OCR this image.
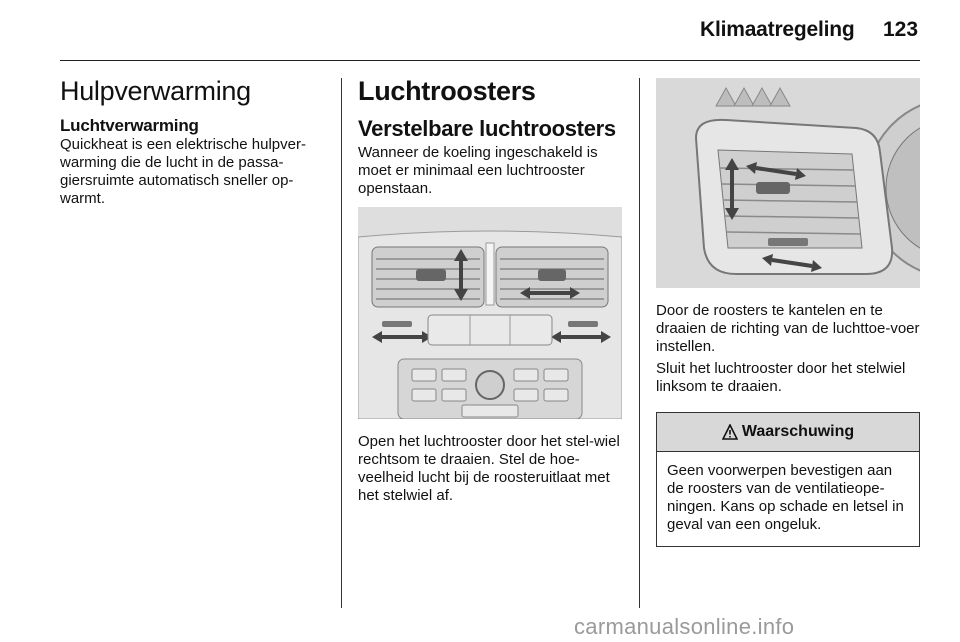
Klimaatregeling 123
Hulpverwarming
Luchtverwarming

Quickheat is een elektrische hulpver-warming die de lucht in de passa-giersruimte automatisch sneller op-warmt.

Luchtroosters
Verstelbare luchtroosters

Wanneer de koeling ingeschakeld is moet er minimaal een luchtrooster openstaan.

Open het luchtrooster door het stel-wiel rechtsom te draaien. Stel de hoe-veelheid lucht bij de roosteruitlaat met het stelwiel af.

Door de roosters te kantelen en te draaien de richting van de luchttoe-voer instellen.

Sluit het luchtrooster door het stelwiel linksom te draaien.

Waarschuwing
Geen voorwerpen bevestigen aan de roosters van de ventilatieope-ningen. Kans op schade en letsel in geval van een ongeluk.
carmanualsonline.info
